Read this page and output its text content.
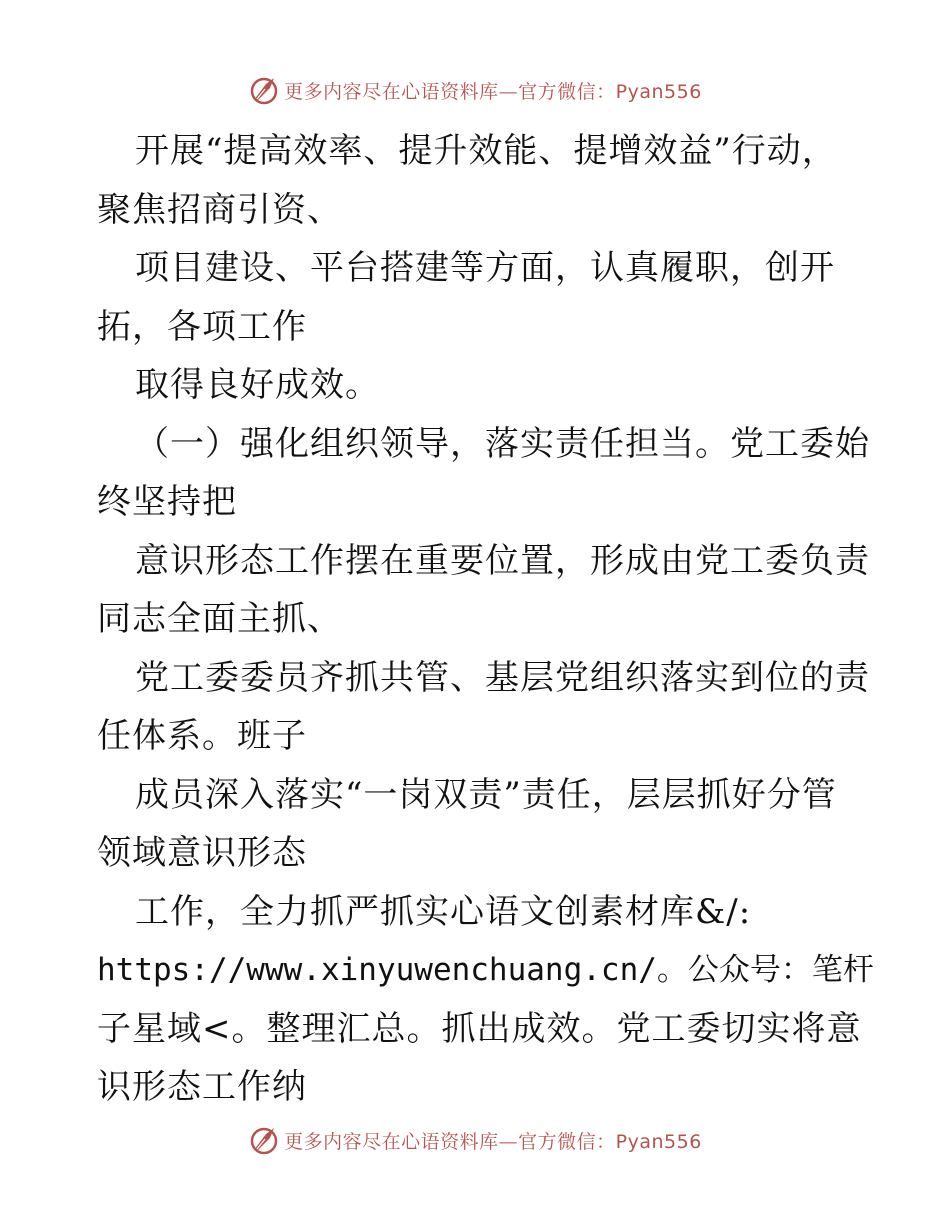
更多内容尽在心语资料库—官方微信：Pyan556
开展“提高效率、提升效能、提增效益”行动，
聚焦招商引资、
项目建设、平台搭建等方面，认真履职，创开
拓，各项工作
取得良好成效。
（一）强化组织领导，落实责任担当。党工委始
终坚持把
意识形态工作摆在重要位置，形成由党工委负责
同志全面主抓、
党工委委员齐抓共管、基层党组织落实到位的责
任体系。班子
成员深入落实“一岗双责”责任，层层抓好分管
领域意识形态
工作，全力抓严抓实心语文创素材库&/:
https://www.xinyuwenchuang.cn/。公众号：笔杆
子星域<。整理汇总。抓出成效。党工委切实将意
识形态工作纳
更多内容尽在心语资料库—官方微信：Pyan556
